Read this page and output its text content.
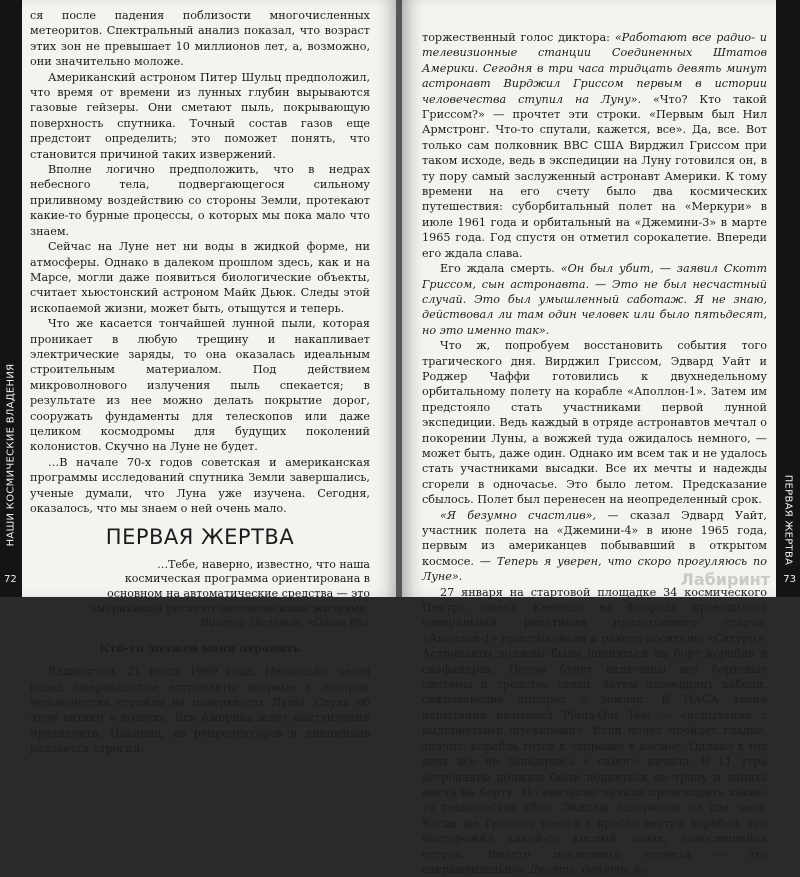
НАШИ КОСМИЧЕСКИЕ ВЛАДЕНИЯ
72

ся после падения поблизости многочисленных метеоритов. Спектральный анализ показал, что возраст этих зон не превышает 10 миллионов лет, а, возможно, они значительно моложе.

Американский астроном Питер Шульц предположил, что время от времени из лунных глубин вырываются газовые гейзеры. Они сметают пыль, покрывающую поверхность спутника. Точный состав газов еще предстоит определить; это поможет понять, что становится причиной таких извержений.

Вполне логично предположить, что в недрах небесного тела, подвергающегося сильному приливному воздействию со стороны Земли, протекают какие-то бурные процессы, о которых мы пока мало что знаем.

Сейчас на Луне нет ни воды в жидкой форме, ни атмосферы. Однако в далеком прошлом здесь, как и на Марсе, могли даже появиться биологические объекты, считает хьюстонский астроном Майк Дьюк. Следы этой ископаемой жизни, может быть, отыщутся и теперь.

Что же касается тончайшей лунной пыли, которая проникает в любую трещину и накапливает электрические заряды, то она оказалась идеальным строительным материалом. Под действием микроволнового излучения пыль спекается; в результате из нее можно делать покрытие дорог, сооружать фундаменты для телескопов или даже целиком космодромы для будущих поколений колонистов. Скучно на Луне не будет.

…В начале 70-х годов советская и американская программы исследований спутника Земли завершались, ученые думали, что Луна уже изучена. Сегодня, оказалось, что мы знаем о ней очень мало.

ПЕРВАЯ ЖЕРТВА
…Тебе, наверно, известно, что наша космическая программа ориентирована в основном на автоматические средства — это американцы рискуют человеческими жизнями.
Виктор Пелевин. «Омон Ра»
Кто-то должен меня охранять

Вашингтон, 21 июля 1969 года. Несколько часов назад американские астронавты впервые в истории человечества ступили на поверхность Луны. Слухи об этом витают в воздухе. Вся Америка ждет выступления президента. Наконец, из репродукторов и динамиков раздается строгий,

торжественный голос диктора: «Работают все радио- и телевизионные станции Соединенных Штатов Америки. Сегодня в три часа тридцать девять минут астронавт Вирджил Гриссом первым в истории человечества ступил на Луну». «Что? Кто такой Гриссом?» — прочтет эти строки. «Первым был Нил Армстронг. Что-то спутали, кажется, все». Да, все. Вот только сам полковник ВВС США Вирджил Гриссом при таком исходе, ведь в экспедиции на Луну готовился он, в ту пору самый заслуженный астронавт Америки. К тому времени на его счету было два космических путешествия: суборбитальный полет на «Меркури» в июле 1961 года и орбитальный на «Джемини-3» в марте 1965 года. Год спустя он отметил сорокалетие. Впереди его ждала слава.

Его ждала смерть. «Он был убит, — заявил Скотт Гриссом, сын астронавта. — Это не был несчастный случай. Это был умышленный саботаж. Я не знаю, действовал ли там один человек или было пятьдесят, но это именно так».

Что ж, попробуем восстановить события того трагического дня. Вирджил Гриссом, Эдвард Уайт и Роджер Чаффи готовились к двухнедельному орбитальному полету на корабле «Аполлон-1». Затем им предстояло стать участниками первой лунной экспедиции. Ведь каждый в отряде астронавтов мечтал о покорении Луны, а вожжей туда ожидалось немного, — может быть, даже один. Однако им всем так и не удалось стать участниками высадки. Все их мечты и надежды сгорели в одночасье. Это было летом. Предсказание сбылось. Полет был перенесен на неопределенный срок.

«Я безумно счастлив», — сказал Эдвард Уайт, участник полета на «Джемини-4» в июне 1965 года, первым из американцев побывавший в открытом космосе. — Теперь я уверен, что скоро прогуляюсь по Луне».

27 января на стартовой площадке 34 космического Центра имени Кеннеди во Флориде проводилась генеральная репетиция предстоящего старта. «Аполлон-1» пристыковали к ракете-носителю «Сатурн». Астронавты должны были подняться на борт корабля в скафандрах. Потом будут включены все бортовые системы и средства связи. Затем отсоединят кабели, связывающие аппарат с землей. В НАСА такие испытания называют Plugs-Out Test — «испытания с выдернутыми штекерами». Если полет пройдет гладко, значит, корабль готов к отправке в космос. Однако в тот день все не заладилось с самого начала. В 11 утра астронавты должны были подняться по трапу и занять места на борту. Но внезапно начали происходить какие-то технические сбои. Экипаж задержали на два часа. Когда же Гриссом уселся в кресло внутри корабля, его насторожил какой-то кислый запах, доносившийся оттуда. Вместо последнего отсчета — это сакраментальное Десять, девять, во-

Лабиринт
ПЕРВАЯ ЖЕРТВА
73
